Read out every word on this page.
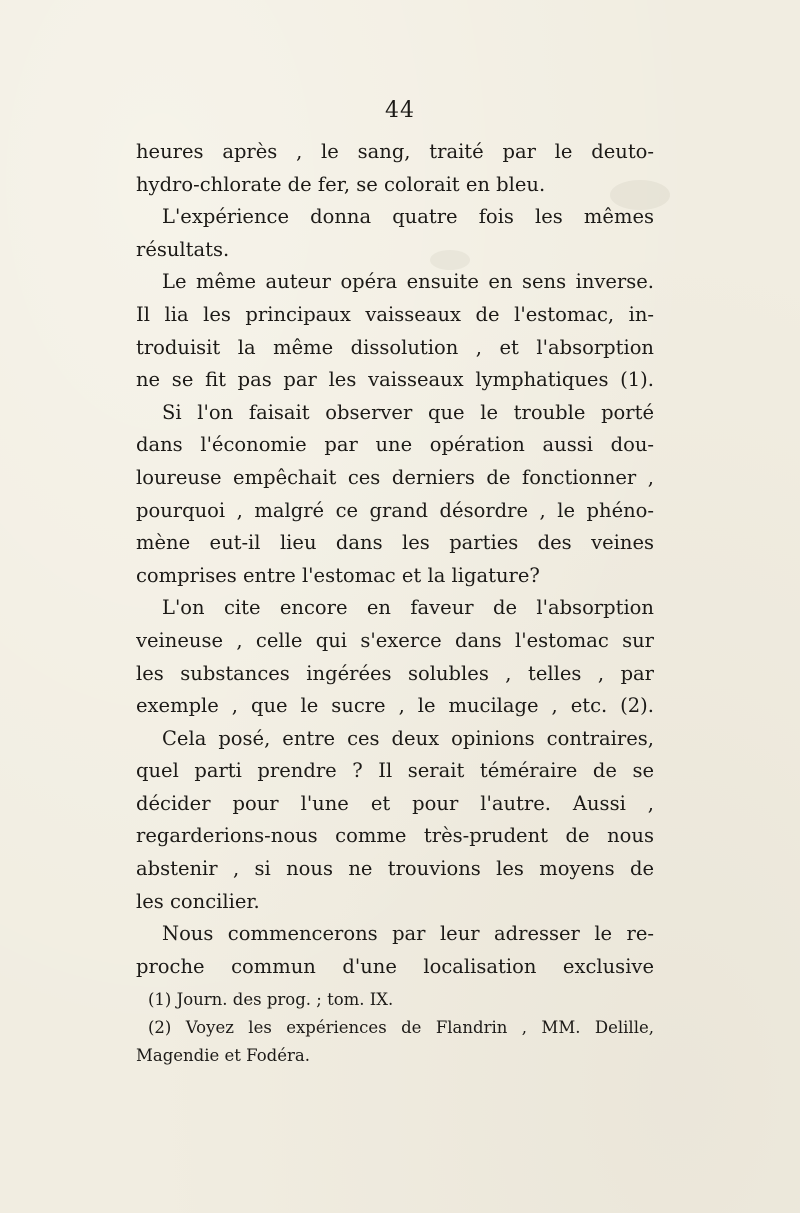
44
heures après , le sang, traité par le deuto-
hydro-chlorate de fer, se colorait en bleu.
L'expérience donna quatre fois les mêmes
résultats.
Le même auteur opéra ensuite en sens inverse.
Il lia les principaux vaisseaux de l'estomac, in-
troduisit la même dissolution , et l'absorption
ne se fit pas par les vaisseaux lymphatiques (1).
Si l'on faisait observer que le trouble porté
dans l'économie par une opération aussi dou-
loureuse empêchait ces derniers de fonctionner ,
pourquoi , malgré ce grand désordre , le phéno-
mène eut-il lieu dans les parties des veines
comprises entre l'estomac et la ligature?
L'on cite encore en faveur de l'absorption
veineuse , celle qui s'exerce dans l'estomac sur
les substances ingérées solubles , telles , par
exemple , que le sucre , le mucilage , etc. (2).
Cela posé, entre ces deux opinions contraires,
quel parti prendre ? Il serait téméraire de se
décider pour l'une et pour l'autre. Aussi ,
regarderions-nous comme très-prudent de nous
abstenir , si nous ne trouvions les moyens de
les concilier.
Nous commencerons par leur adresser le re-
proche commun d'une localisation exclusive
(1) Journ. des prog. ; tom. IX.
(2) Voyez les expériences de Flandrin , MM. Delille,
Magendie et Fodéra.
